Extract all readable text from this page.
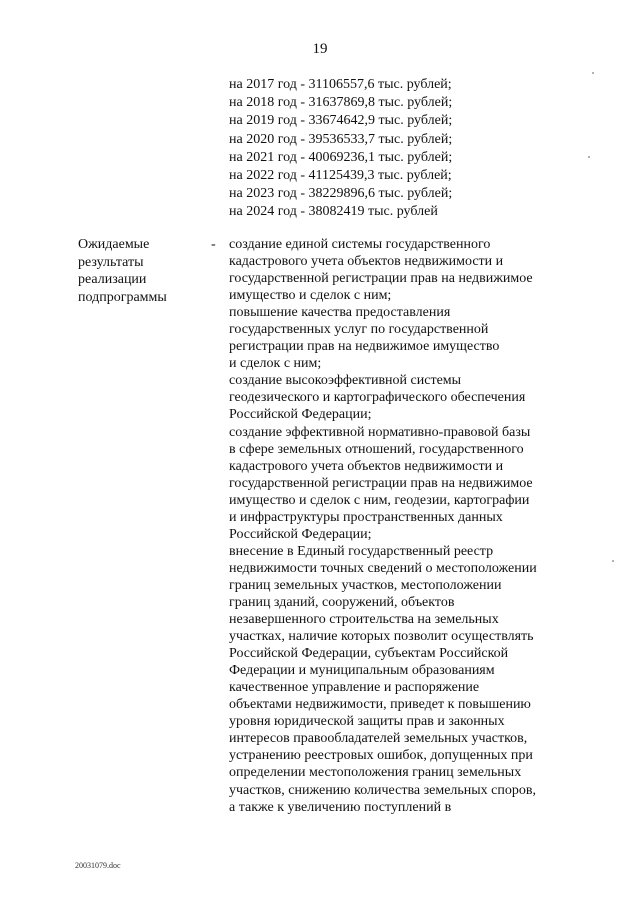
19
на 2017 год - 31106557,6 тыс. рублей;
на 2018 год - 31637869,8 тыс. рублей;
на 2019 год - 33674642,9 тыс. рублей;
на 2020 год - 39536533,7 тыс. рублей;
на 2021 год - 40069236,1 тыс. рублей;
на 2022 год - 41125439,3 тыс. рублей;
на 2023 год - 38229896,6 тыс. рублей;
на 2024 год - 38082419 тыс. рублей
Ожидаемые
результаты
реализации
подпрограммы
- создание единой системы государственного
кадастрового учета объектов недвижимости и
государственной регистрации прав на недвижимое
имущество и сделок с ним;
повышение качества предоставления
государственных услуг по государственной
регистрации прав на недвижимое имущество
и сделок с ним;
создание высокоэффективной системы
геодезического и картографического обеспечения
Российской Федерации;
создание эффективной нормативно-правовой базы
в сфере земельных отношений, государственного
кадастрового учета объектов недвижимости и
государственной регистрации прав на недвижимое
имущество и сделок с ним, геодезии, картографии
и инфраструктуры пространственных данных
Российской Федерации;
внесение в Единый государственный реестр
недвижимости точных сведений о местоположении
границ земельных участков, местоположении
границ зданий, сооружений, объектов
незавершенного строительства на земельных
участках, наличие которых позволит осуществлять
Российской Федерации, субъектам Российской
Федерации и муниципальным образованиям
качественное управление и распоряжение
объектами недвижимости, приведет к повышению
уровня юридической защиты прав и законных
интересов правообладателей земельных участков,
устранению реестровых ошибок, допущенных при
определении местоположения границ земельных
участков, снижению количества земельных споров,
а также к увеличению поступлений в
20031079.doc
